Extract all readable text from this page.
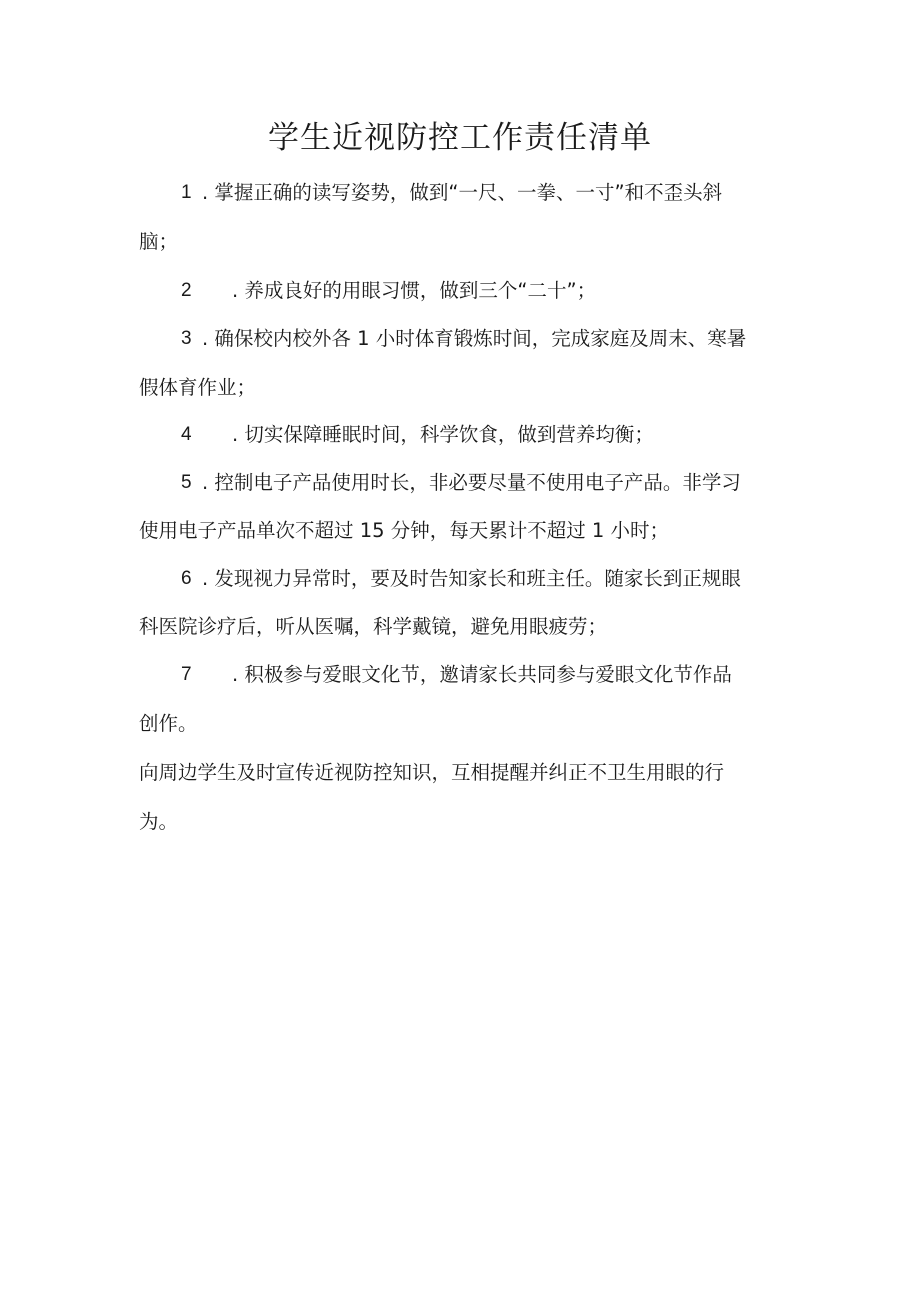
学生近视防控工作责任清单
1 . 掌握正确的读写姿势，做到“一尺、一拳、一寸”和不歪头斜
脑；
2 . 养成良好的用眼习惯，做到三个“二十”；
3 . 确保校内校外各 1 小时体育锻炼时间，完成家庭及周末、寒暑
假体育作业；
4 . 切实保障睡眠时间，科学饮食，做到营养均衡；
5 . 控制电子产品使用时长，非必要尽量不使用电子产品。非学习
使用电子产品单次不超过 15 分钟，每天累计不超过 1 小时；
6 . 发现视力异常时，要及时告知家长和班主任。随家长到正规眼
科医院诊疗后，听从医嘱，科学戴镜，避免用眼疲劳；
7 . 积极参与爱眼文化节，邀请家长共同参与爱眼文化节作品
创作。
向周边学生及时宣传近视防控知识，互相提醒并纠正不卫生用眼的行
为。
